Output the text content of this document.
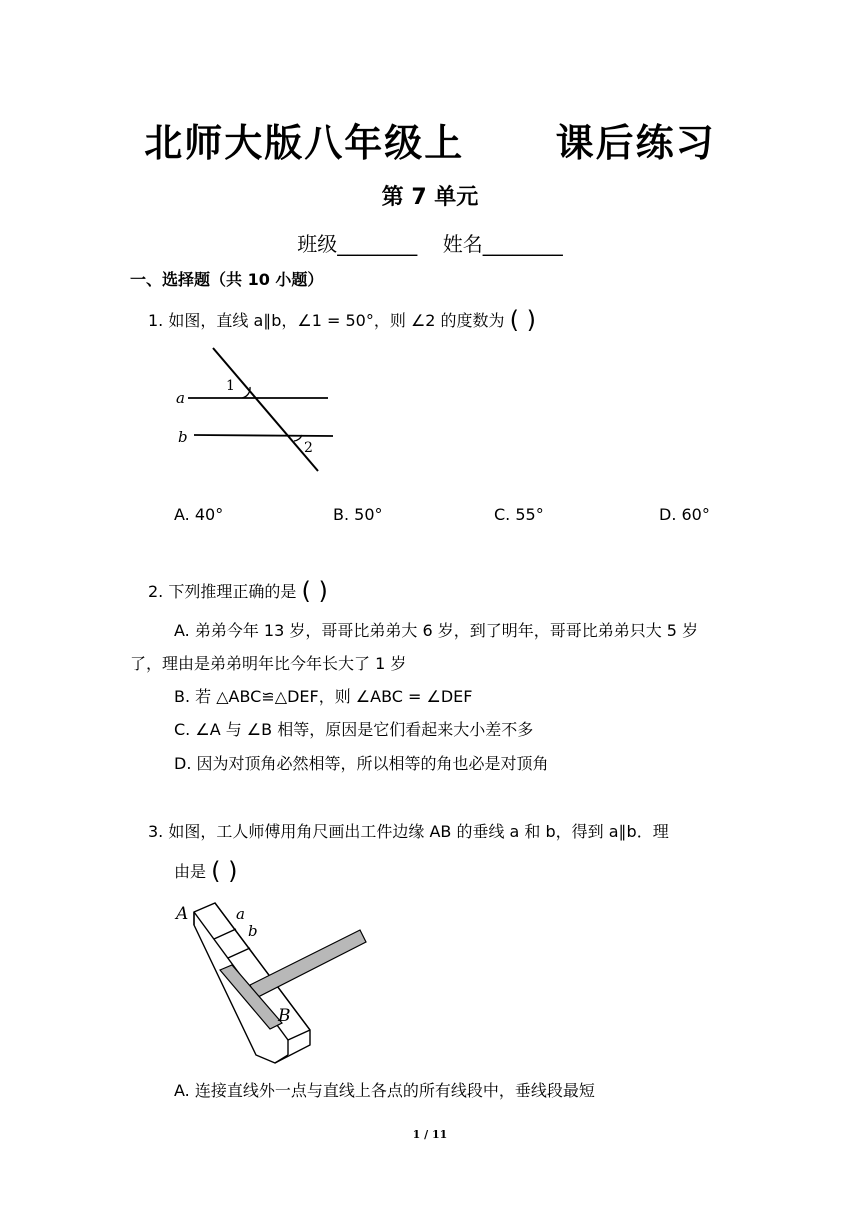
北师大版八年级上      课后练习
第 7 单元
班级________    姓名________
一、选择题（共 10 小题）
1. 如图，直线 a∥b，∠1 = 50°，则 ∠2 的度数为 ( )
a
b
1
2
A. 40°	B. 50°	C. 55°	D. 60°
2. 下列推理正确的是 ( )
A. 弟弟今年 13 岁，哥哥比弟弟大 6 岁，到了明年，哥哥比弟弟只大 5 岁
了，理由是弟弟明年比今年长大了 1 岁
B. 若 △ABC≌△DEF，则 ∠ABC = ∠DEF
C. ∠A 与 ∠B 相等，原因是它们看起来大小差不多
D. 因为对顶角必然相等，所以相等的角也必是对顶角
3. 如图，工人师傅用角尺画出工件边缘 AB 的垂线 a 和 b，得到 a∥b．理
由是 ( )
A	a
b
B
A. 连接直线外一点与直线上各点的所有线段中，垂线段最短
1 / 11
